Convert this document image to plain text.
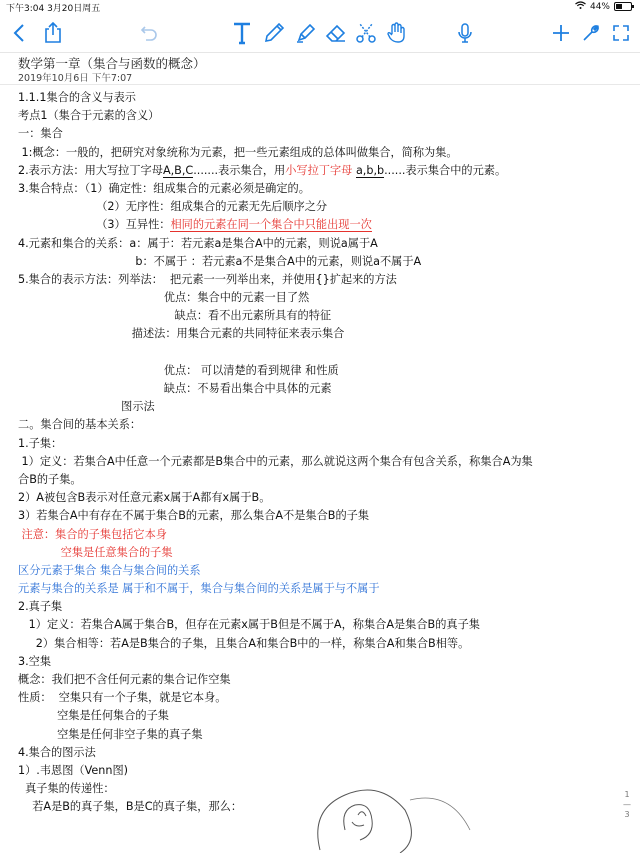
下午3:04 3月20日周五	44%
数学第一章（集合与函数的概念）
2019年10月6日 下午7:07
1.1.1集合的含义与表示
考点1（集合于元素的含义）
一：集合
1:概念：一般的，把研究对象统称为元素，把一些元素组成的总体叫做集合，简称为集。
2.表示方法：用大写拉丁字母A,B,C.......表示集合，用小写拉丁字母 a,b,b......表示集合中的元素。
3.集合特点：（1）确定性：组成集合的元素必须是确定的。
（2）无序性：组成集合的元素无先后顺序之分
（3）互异性：相同的元素在同一个集合中只能出现一次
4.元素和集合的关系：a：属于：若元素a是集合A中的元素，则说a属于A
b：不属于 ：若元素a不是集合A中的元素，则说a不属于A
5.集合的表示方法：列举法：  把元素一一列举出来，并使用{}扩起来的方法
优点：集合中的元素一目了然
缺点：看不出元素所具有的特征
描述法：用集合元素的共同特征来表示集合
优点： 可以清楚的看到规律 和性质
缺点：不易看出集合中具体的元素
图示法
二。集合间的基本关系：
1.子集：
1）定义：若集合A中任意一个元素都是B集合中的元素，那么就说这两个集合有包含关系，称集合A为集
合B的子集。
2）A被包含B表示对任意元素x属于A都有x属于B。
3）若集合A中有存在不属于集合B的元素，那么集合A不是集合B的子集
注意：集合的子集包括它本身
空集是任意集合的子集
区分元素于集合 集合与集合间的关系
元素与集合的关系是 属于和不属于，集合与集合间的关系是属于与不属于
2.真子集
1）定义：若集合A属于集合B，但存在元素x属于B但是不属于A，称集合A是集合B的真子集
2）集合相等：若A是B集合的子集，且集合A和集合B中的一样，称集合A和集合B相等。
3.空集
概念：我们把不含任何元素的集合记作空集
性质：  空集只有一个子集，就是它本身。
空集是任何集合的子集
空集是任何非空子集的真子集
4.集合的图示法
1）.韦恩图（Venn图)
真子集的传递性：
若A是B的真子集，B是C的真子集，那么：
1
—
3
